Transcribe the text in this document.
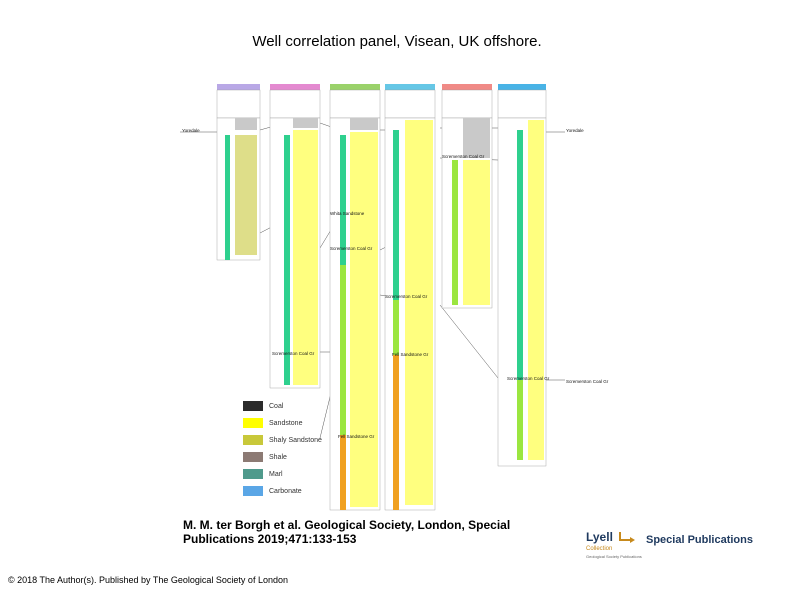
Well correlation panel, Visean, UK offshore.
Yoredale	Yoredale
Scremerston Coal Gr
Scremerston Coal Gr
Scremerston Coal Gr
Scremerston Coal Gr
Scremerston Coal Gr
Fell Sandstone Gr
Fell Sandstone Gr
Whita Sandstone
Scremerston Coal Gr
Coal
Sandstone
Shaly Sandstone
Shale
Marl
Carbonate
M. M. ter Borgh et al. Geological Society, London, Special
Publications 2019;471:133-153	Lyell
Collection
Geological Society Publications
Special Publications
© 2018 The Author(s). Published by The Geological Society of London
